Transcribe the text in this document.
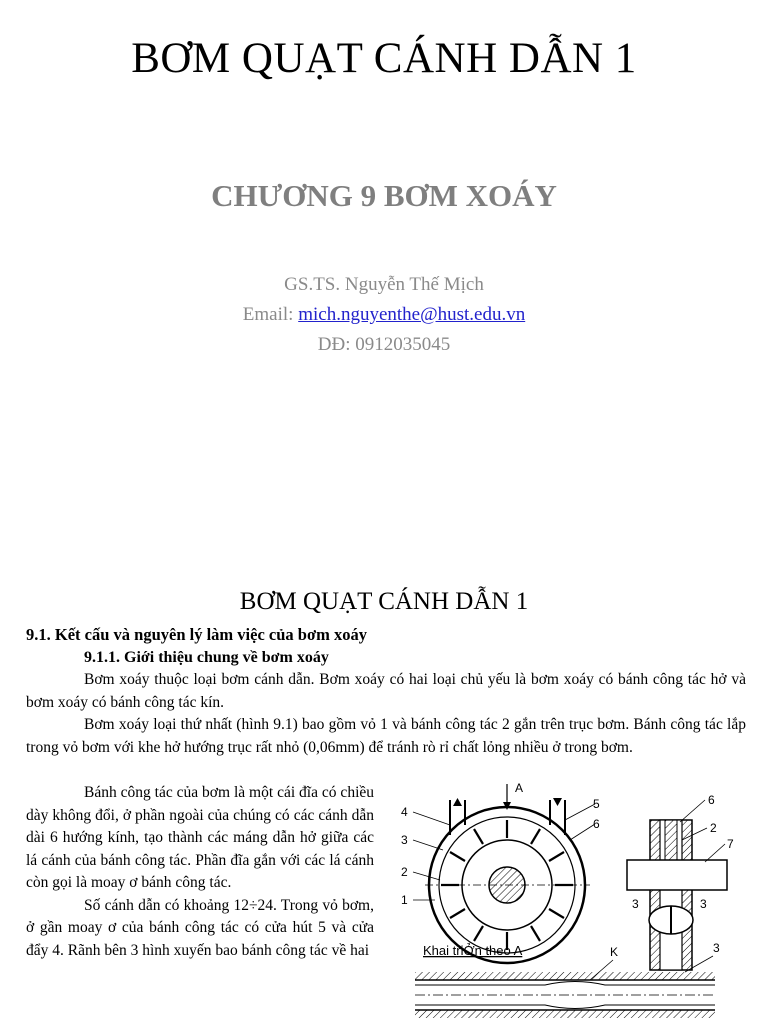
BƠM QUẠT CÁNH DẪN 1
CHƯƠNG 9 BƠM XOÁY
GS.TS. Nguyễn Thế Mịch
Email: mich.nguyenthe@hust.edu.vn
DĐ: 0912035045
BƠM QUẠT CÁNH DẪN 1
9.1. Kết cấu và nguyên lý làm việc của bơm xoáy
9.1.1. Giới thiệu chung về bơm xoáy
Bơm xoáy thuộc loại bơm cánh dẫn. Bơm xoáy có hai loại chủ yếu là bơm xoáy có bánh công tác hở và bơm xoáy có bánh công tác kín.
Bơm xoáy loại thứ nhất (hình 9.1) bao gồm vỏ 1 và bánh công tác 2 gắn trên trục bơm. Bánh công tác lắp trong vỏ bơm với khe hở hướng trục rất nhỏ (0,06mm) để tránh rò rỉ chất lỏng nhiều ở trong bơm.
Bánh công tác của bơm là một cái đĩa có chiều dày không đổi, ở phần ngoài của chúng có các cánh dẫn dài 6 hướng kính, tạo thành các máng dẫn hở giữa các lá cánh của bánh công tác. Phần đĩa gắn với các lá cánh còn gọi là moay ơ bánh công tác.
Số cánh dẫn có khoảng 12÷24. Trong vỏ bơm, ở gần moay ơ của bánh công tác có cửa hút 5 và cửa đẩy 4. Rãnh bên 3 hình xuyến bao bánh công tác về hai
4
3
2
1
A
5
6
6
2
7
3	3
Khai triỞn theo A	K	3
